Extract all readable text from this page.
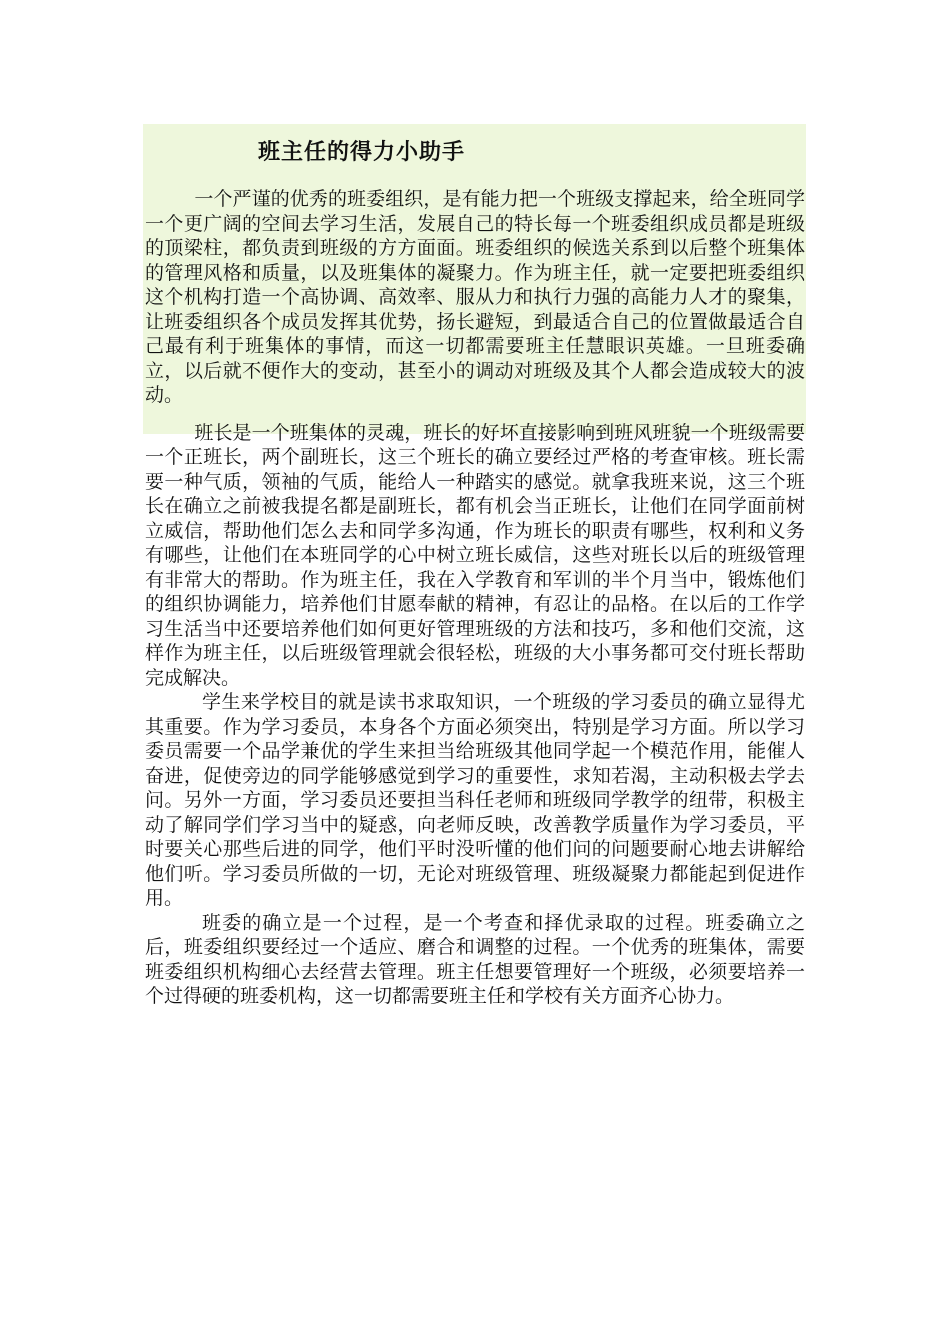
班主任的得力小助手

一个严谨的优秀的班委组织，是有能力把一个班级支撑起来，给全班同学一个更广阔的空间去学习生活，发展自己的特长每一个班委组织成员都是班级的顶梁柱，都负责到班级的方方面面。班委组织的候选关系到以后整个班集体的管理风格和质量，以及班集体的凝聚力。作为班主任，就一定要把班委组织这个机构打造一个高协调、高效率、服从力和执行力强的高能力人才的聚集，让班委组织各个成员发挥其优势，扬长避短，到最适合自己的位置做最适合自己最有利于班集体的事情，而这一切都需要班主任慧眼识英雄。一旦班委确立，以后就不便作大的变动，甚至小的调动对班级及其个人都会造成较大的波动。

班长是一个班集体的灵魂，班长的好坏直接影响到班风班貌一个班级需要一个正班长，两个副班长，这三个班长的确立要经过严格的考查审核。班长需要一种气质，领袖的气质，能给人一种踏实的感觉。就拿我班来说，这三个班长在确立之前被我提名都是副班长，都有机会当正班长，让他们在同学面前树立威信，帮助他们怎么去和同学多沟通，作为班长的职责有哪些，权利和义务有哪些，让他们在本班同学的心中树立班长威信，这些对班长以后的班级管理有非常大的帮助。作为班主任，我在入学教育和军训的半个月当中，锻炼他们的组织协调能力，培养他们甘愿奉献的精神，有忍让的品格。在以后的工作学习生活当中还要培养他们如何更好管理班级的方法和技巧，多和他们交流，这样作为班主任，以后班级管理就会很轻松，班级的大小事务都可交付班长帮助完成解决。

学生来学校目的就是读书求取知识，一个班级的学习委员的确立显得尤其重要。作为学习委员，本身各个方面必须突出，特别是学习方面。所以学习委员需要一个品学兼优的学生来担当给班级其他同学起一个模范作用，能催人奋进，促使旁边的同学能够感觉到学习的重要性，求知若渴，主动积极去学去问。另外一方面，学习委员还要担当科任老师和班级同学教学的纽带，积极主动了解同学们学习当中的疑惑，向老师反映，改善教学质量作为学习委员，平时要关心那些后进的同学，他们平时没听懂的他们问的问题要耐心地去讲解给他们听。学习委员所做的一切，无论对班级管理、班级凝聚力都能起到促进作用。

班委的确立是一个过程，是一个考查和择优录取的过程。班委确立之后，班委组织要经过一个适应、磨合和调整的过程。一个优秀的班集体，需要班委组织机构细心去经营去管理。班主任想要管理好一个班级，必须要培养一个过得硬的班委机构，这一切都需要班主任和学校有关方面齐心协力。
